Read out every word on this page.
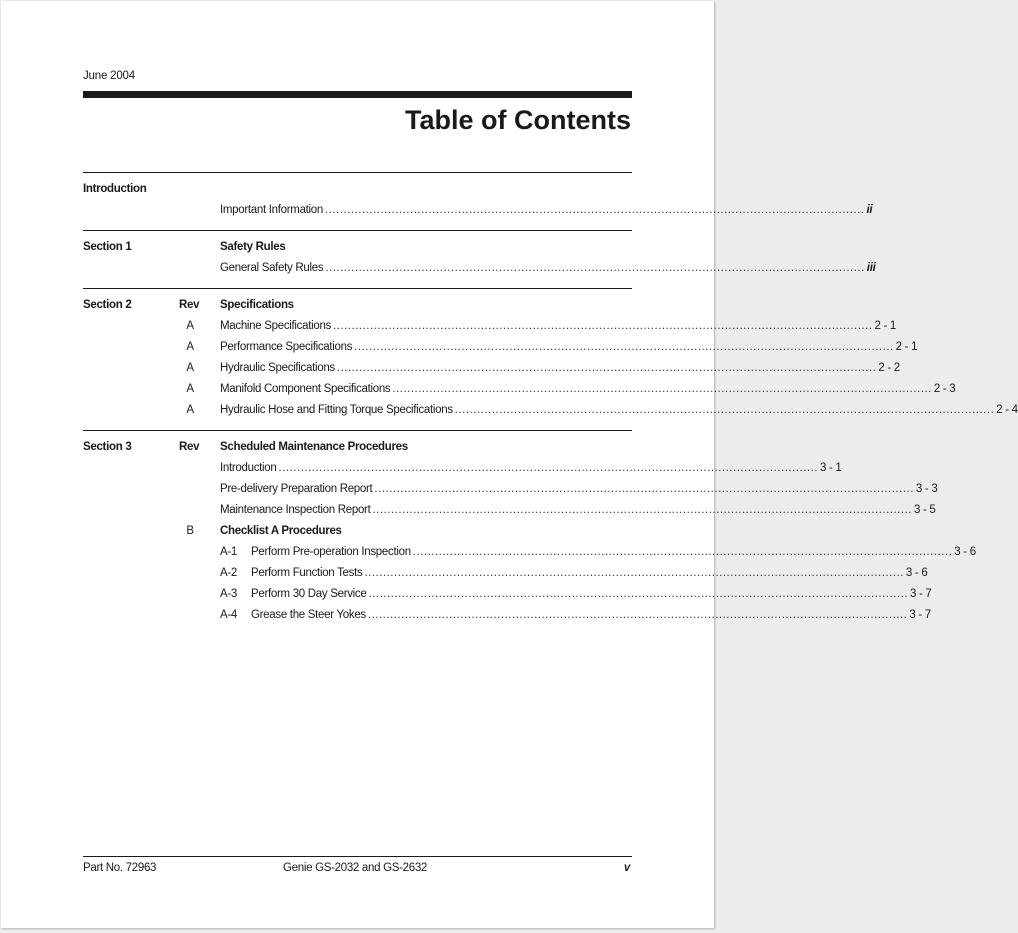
June 2004
Table of Contents
Introduction
Important Information .................................................................................................................................................. ii
Section 1	Safety Rules
General Safety Rules .................................................................................................................................................. iii
Section 2	Rev Specifications
A Machine Specifications .................................................................................................................................................. 2 - 1
A Performance Specifications .................................................................................................................................................. 2 - 1
A Hydraulic Specifications .................................................................................................................................................. 2 - 2
A Manifold Component Specifications .................................................................................................................................................. 2 - 3
A Hydraulic Hose and Fitting Torque Specifications .................................................................................................................................................. 2 - 4
Section 3	Rev Scheduled Maintenance Procedures
Introduction .................................................................................................................................................. 3 - 1
Pre-delivery Preparation Report .................................................................................................................................................. 3 - 3
Maintenance Inspection Report .................................................................................................................................................. 3 - 5
B Checklist A Procedures
A-1	Perform Pre-operation Inspection .................................................................................................................................................. 3 - 6
A-2	Perform Function Tests .................................................................................................................................................. 3 - 6
A-3	Perform 30 Day Service .................................................................................................................................................. 3 - 7
A-4	Grease the Steer Yokes .................................................................................................................................................. 3 - 7
Part No. 72963	Genie GS-2032 and GS-2632	v
